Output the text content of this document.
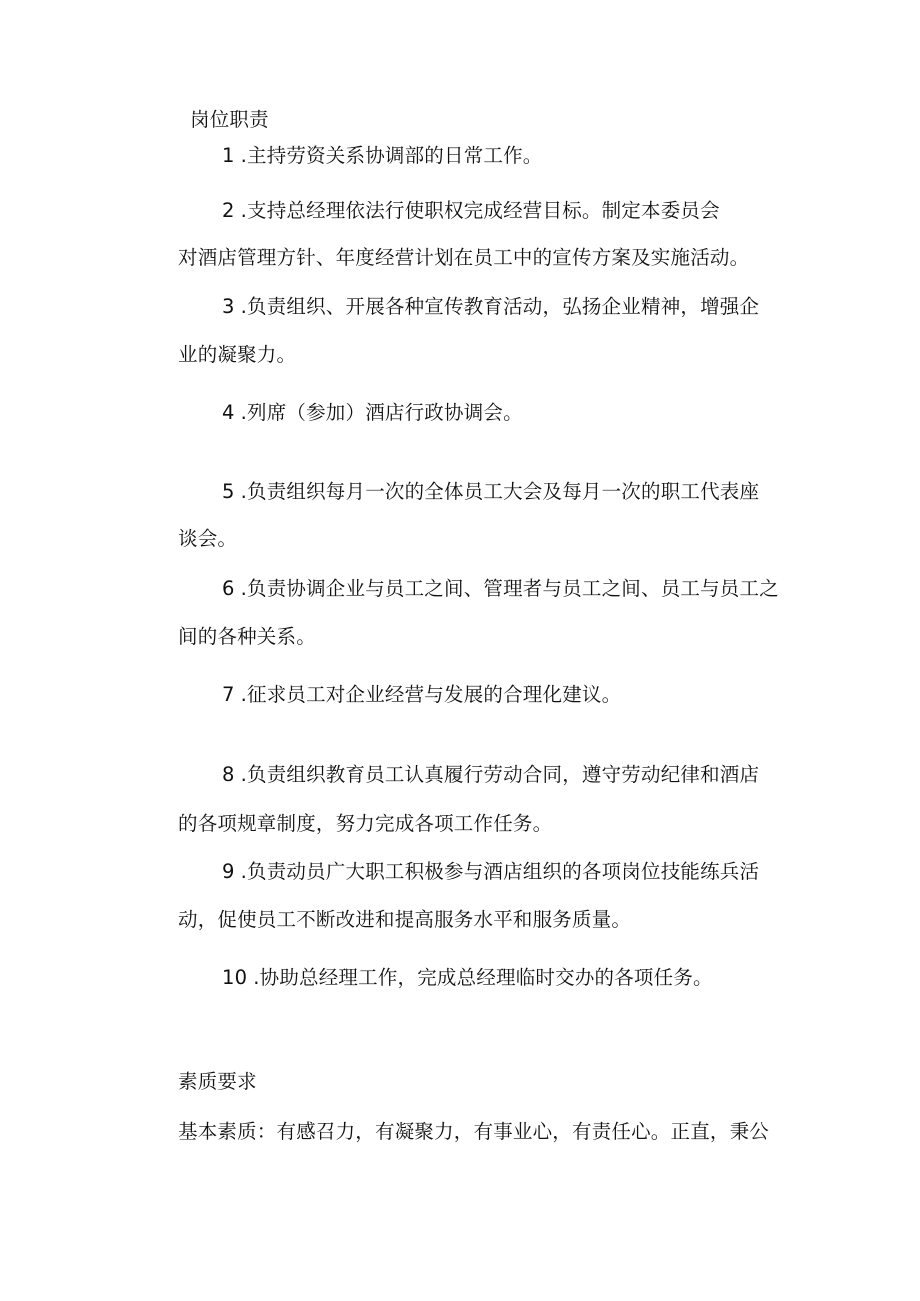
岗位职责
1 .主持劳资关系协调部的日常工作。
2 .支持总经理依法行使职权完成经营目标。制定本委员会
对酒店管理方针、年度经营计划在员工中的宣传方案及实施活动。
3 .负责组织、开展各种宣传教育活动，弘扬企业精神，增强企
业的凝聚力。
4 .列席（参加）酒店行政协调会。
5 .负责组织每月一次的全体员工大会及每月一次的职工代表座
谈会。
6 .负责协调企业与员工之间、管理者与员工之间、员工与员工之
间的各种关系。
7 .征求员工对企业经营与发展的合理化建议。
8 .负责组织教育员工认真履行劳动合同，遵守劳动纪律和酒店
的各项规章制度，努力完成各项工作任务。
9 .负责动员广大职工积极参与酒店组织的各项岗位技能练兵活
动，促使员工不断改进和提高服务水平和服务质量。
10 .协助总经理工作，完成总经理临时交办的各项任务。
素质要求
基本素质：有感召力，有凝聚力，有事业心，有责任心。正直，秉公
